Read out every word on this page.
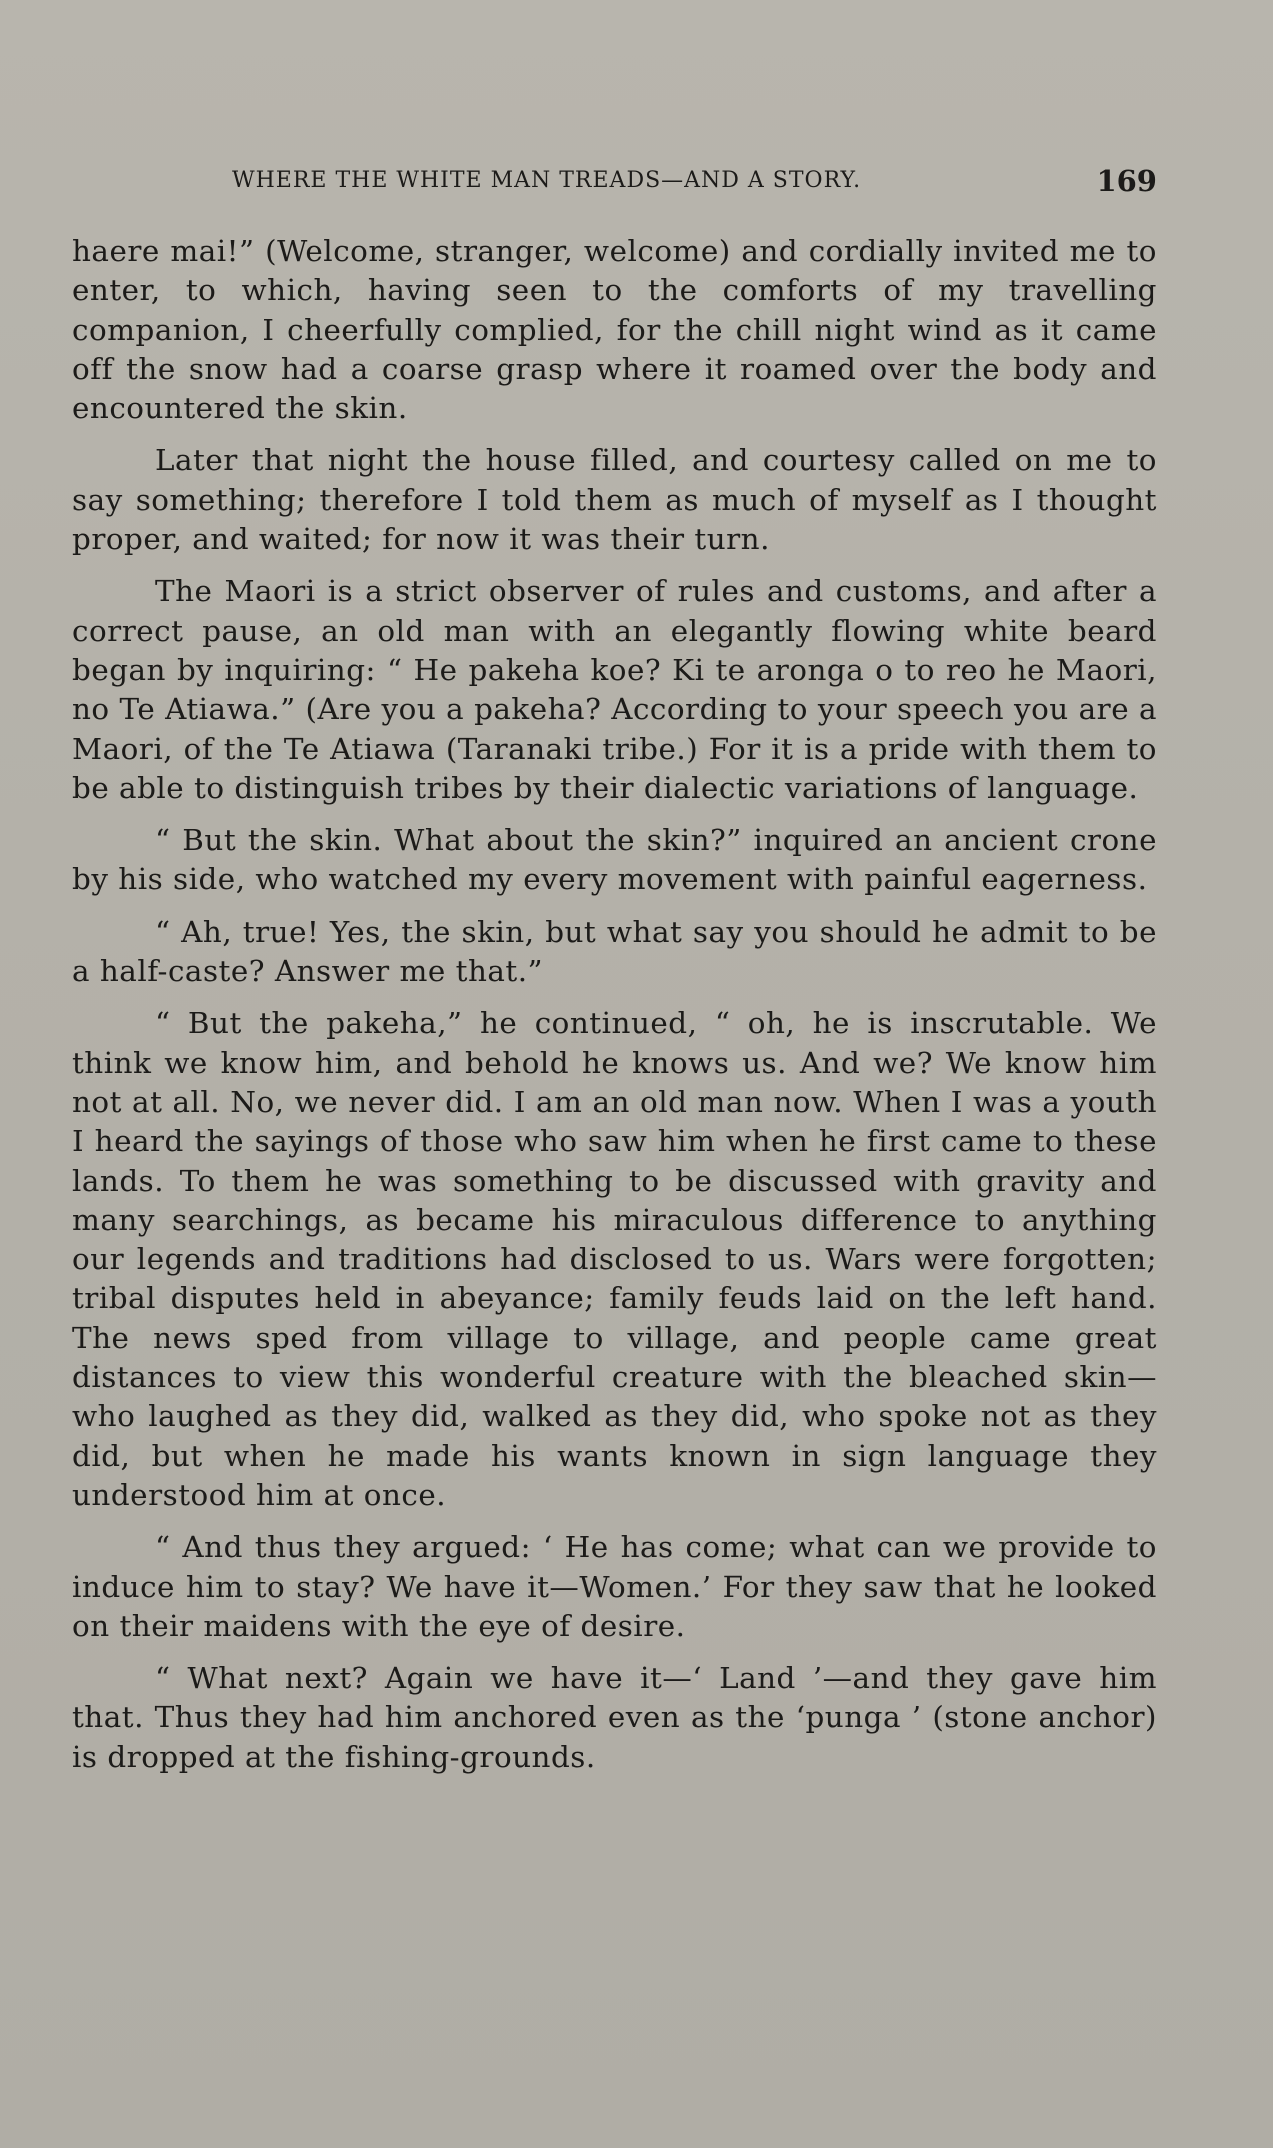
WHERE THE WHITE MAN TREADS—AND A STORY.	169

haere mai!” (Welcome, stranger, welcome) and cordially invited me to enter, to which, having seen to the comforts of my travelling companion, I cheerfully complied, for the chill night wind as it came off the snow had a coarse grasp where it roamed over the body and encountered the skin.

Later that night the house filled, and courtesy called on me to say something; therefore I told them as much of myself as I thought proper, and waited; for now it was their turn.

The Maori is a strict observer of rules and customs, and after a correct pause, an old man with an elegantly flowing white beard began by inquiring: “ He pakeha koe? Ki te aronga o to reo he Maori, no Te Atiawa.” (Are you a pakeha? According to your speech you are a Maori, of the Te Atiawa (Taranaki tribe.) For it is a pride with them to be able to distinguish tribes by their dialectic variations of language.

“ But the skin. What about the skin?” inquired an ancient crone by his side, who watched my every movement with painful eagerness.

“ Ah, true! Yes, the skin, but what say you should he admit to be a half-caste? Answer me that.”

“ But the pakeha,” he continued, “ oh, he is inscrutable. We think we know him, and behold he knows us. And we? We know him not at all. No, we never did. I am an old man now. When I was a youth I heard the sayings of those who saw him when he first came to these lands. To them he was something to be discussed with gravity and many searchings, as became his miraculous difference to anything our legends and traditions had disclosed to us. Wars were forgotten; tribal disputes held in abeyance; family feuds laid on the left hand. The news sped from village to village, and people came great distances to view this wonderful creature with the bleached skin—who laughed as they did, walked as they did, who spoke not as they did, but when he made his wants known in sign language they understood him at once.

“ And thus they argued: ‘ He has come; what can we provide to induce him to stay? We have it—Women.’ For they saw that he looked on their maidens with the eye of desire.

“ What next? Again we have it—‘ Land ’—and they gave him that. Thus they had him anchored even as the ‘punga ’ (stone anchor) is dropped at the fishing-grounds.
